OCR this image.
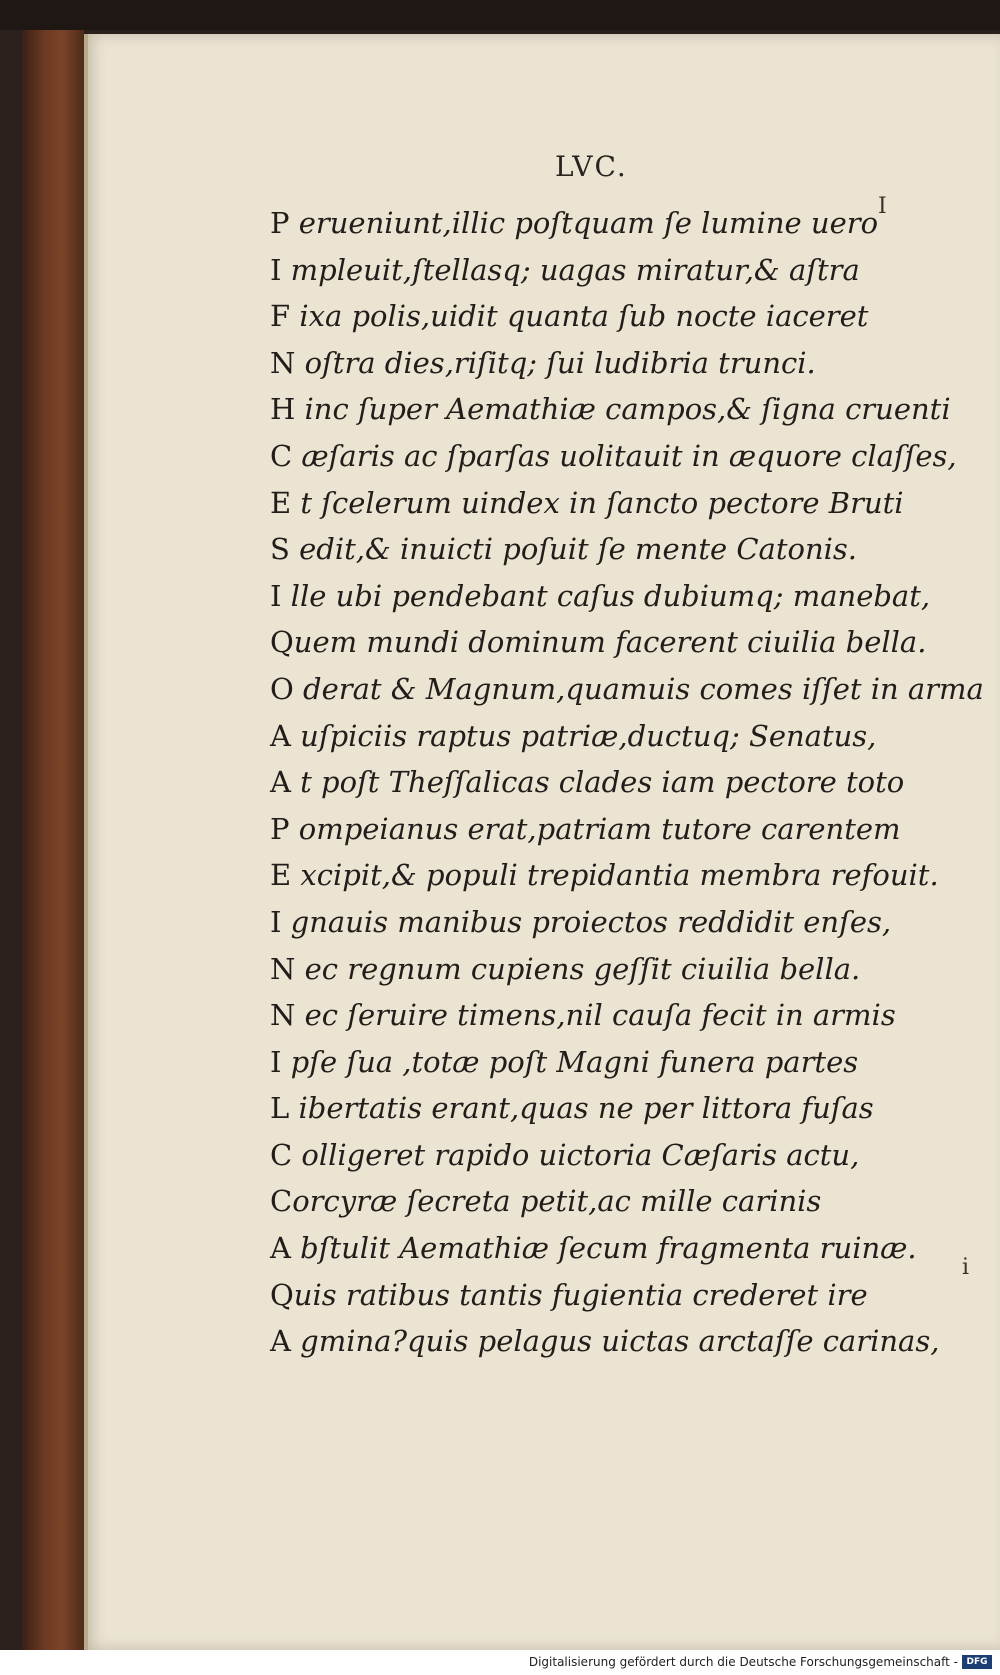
LVC.
I
i
P erueniunt,illic poſtquam ſe lumine uero
I mpleuit,ſtellasq; uagas miratur,& aſtra
F ixa polis,uidit quanta ſub nocte iaceret
N oſtra dies,riſitq; ſui ludibria trunci.
H inc ſuper Aemathiæ campos,& ſigna cruenti
C æſaris ac ſparſas uolitauit in æquore claſſes,
E t ſcelerum uindex in ſancto pectore Bruti
S edit,& inuicti poſuit ſe mente Catonis.
I lle ubi pendebant caſus dubiumq; manebat,
Quem mundi dominum facerent ciuilia bella.
O derat & Magnum,quamuis comes iſſet in arma
A uſpiciis raptus patriæ,ductuq; Senatus,
A t poſt Theſſalicas clades iam pectore toto
P ompeianus erat,patriam tutore carentem
E xcipit,& populi trepidantia membra refouit.
I gnauis manibus proiectos reddidit enſes,
N ec regnum cupiens geſſit ciuilia bella.
N ec ſeruire timens,nil cauſa fecit in armis
I pſe ſua ,totæ poſt Magni funera partes
L ibertatis erant,quas ne per littora fuſas
C olligeret rapido uictoria Cæſaris actu,
Corcyræ ſecreta petit,ac mille carinis
A bſtulit Aemathiæ ſecum fragmenta ruinæ.
Quis ratibus tantis fugientia crederet ire
A gmina?quis pelagus uictas arctaſſe carinas,
Digitalisierung gefördert durch die Deutsche Forschungsgemeinschaft - DFG
